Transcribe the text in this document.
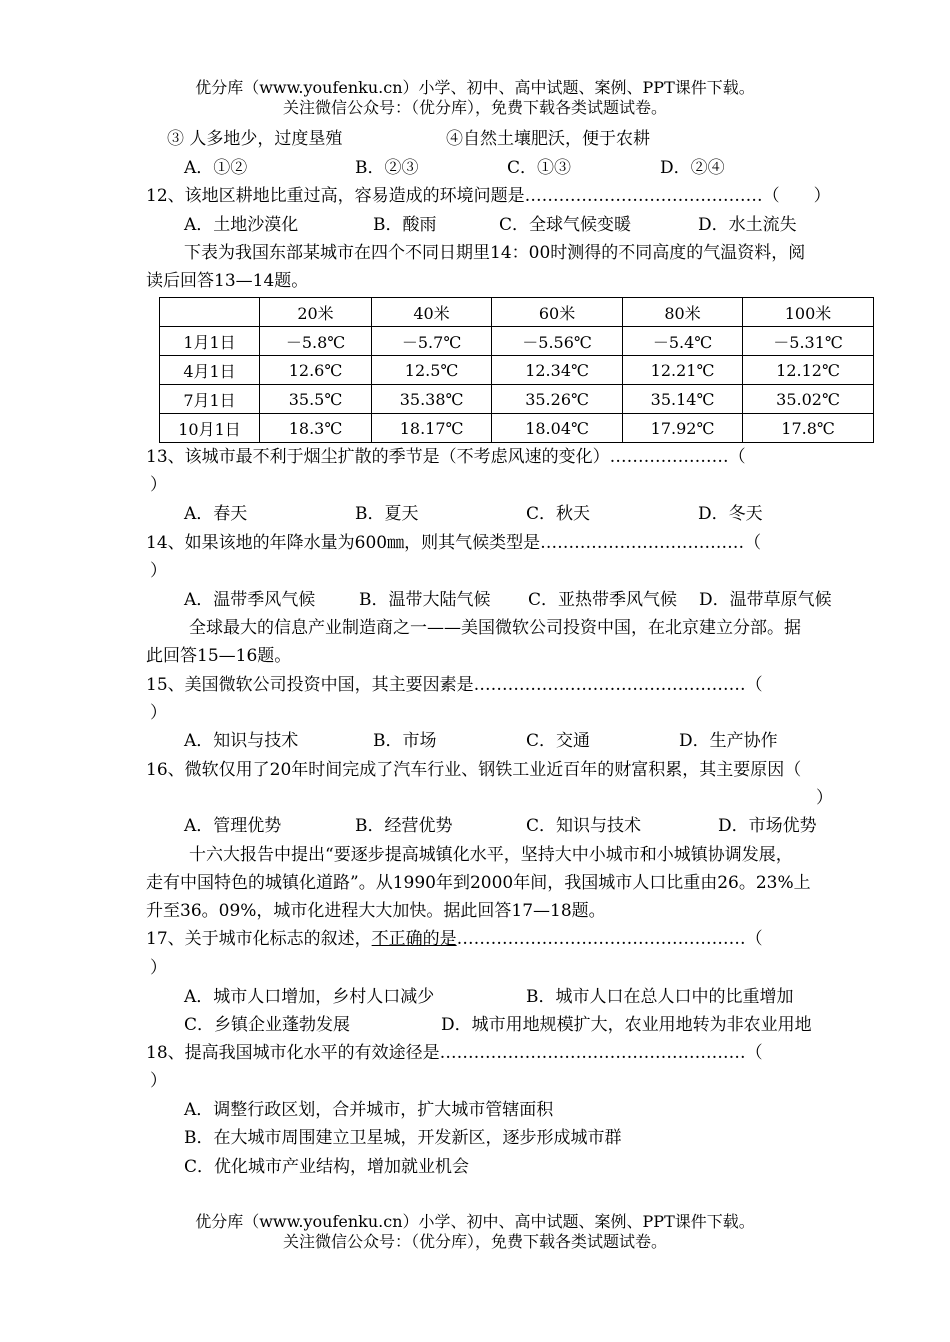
优分库（www.youfenku.cn）小学、初中、高中试题、案例、PPT课件下载。
关注微信公众号：（优分库），免费下载各类试题试卷。
③ 人多地少，过度垦殖	④自然土壤肥沃，便于农耕
A．①②	B．②③	C．①③	D．②④
12、该地区耕地比重过高，容易造成的环境问题是……………………………………（　　）
A．土地沙漠化	B．酸雨	C．全球气候变暖	D．水土流失
下表为我国东部某城市在四个不同日期里14：00时测得的不同高度的气温资料，阅
读后回答13—14题。
	20米	40米	60米	80米	100米
1月1日	－5.8℃	－5.7℃	－5.56℃	－5.4℃	－5.31℃
4月1日	12.6℃	12.5℃	12.34℃	12.21℃	12.12℃
7月1日	35.5℃	35.38℃	35.26℃	35.14℃	35.02℃
10月1日	18.3℃	18.17℃	18.04℃	17.92℃	17.8℃
13、该城市最不利于烟尘扩散的季节是（不考虑风速的变化）…………………（
）
A．春天	B．夏天	C．秋天	D．冬天
14、如果该地的年降水量为600㎜，则其气候类型是………………………………（
）
A．温带季风气候	B．温带大陆气候 C．亚热带季风气候 D．温带草原气候
全球最大的信息产业制造商之一——美国微软公司投资中国，在北京建立分部。据
此回答15—16题。
15、美国微软公司投资中国，其主要因素是…………………………………………（
）
A．知识与技术	B．市场	C．交通	D．生产协作
16、微软仅用了20年时间完成了汽车行业、钢铁工业近百年的财富积累，其主要原因（
）
A．管理优势	B．经营优势	C．知识与技术	D．市场优势
十六大报告中提出“要逐步提高城镇化水平，坚持大中小城市和小城镇协调发展，
走有中国特色的城镇化道路”。从1990年到2000年间，我国城市人口比重由26。23%上
升至36。09%，城市化进程大大加快。据此回答17—18题。
17、关于城市化标志的叙述，不正确的是……………………………………………（
）
A．城市人口增加，乡村人口减少	B．城市人口在总人口中的比重增加
C．乡镇企业蓬勃发展	D．城市用地规模扩大，农业用地转为非农业用地
18、提高我国城市化水平的有效途径是………………………………………………（
）
A．调整行政区划，合并城市，扩大城市管辖面积
B．在大城市周围建立卫星城，开发新区，逐步形成城市群
C．优化城市产业结构，增加就业机会
优分库（www.youfenku.cn）小学、初中、高中试题、案例、PPT课件下载。
关注微信公众号：（优分库），免费下载各类试题试卷。
